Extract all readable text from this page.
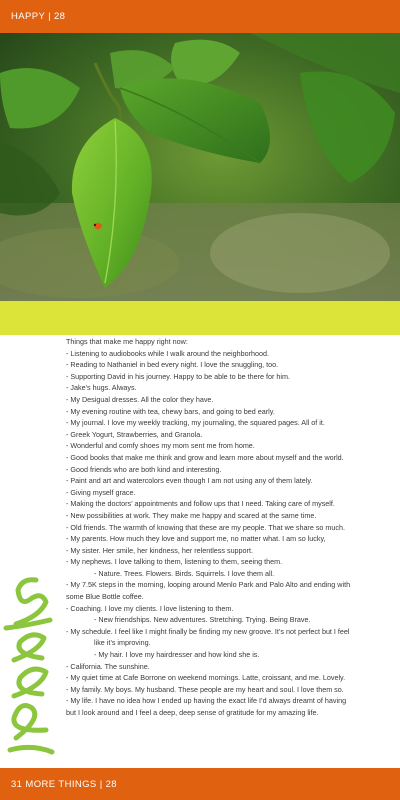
HAPPY | 28
Things that make me happy right now:
- Listening to audiobooks while I walk around the neighborhood.
- Reading to Nathaniel in bed every night. I love the snuggling, too.
- Supporting David in his journey. Happy to be able to be there for him.
- Jake’s hugs. Always.
- My Desigual dresses. All the color they have.
- My evening routine with tea, chewy bars, and going to bed early.
- My journal. I love my weekly tracking, my journaling, the squared pages. All of it.
- Greek Yogurt, Strawberries, and Granola.
- Wonderful and comfy shoes my mom sent me from home.
- Good books that make me think and grow and learn more about myself and the world.
- Good friends who are both kind and interesting.
- Paint and art and watercolors even though I am not using any of them lately.
- Giving myself grace.
- Making the doctors’ appointments and follow ups that I need. Taking care of myself.
- New possibilities at work. They make me happy and scared at the same time.
- Old friends. The warmth of knowing that these are my people. That we share so much.
- My parents. How much they love and support me, no matter what. I am so lucky,
- My sister. Her smile, her kindness, her relentless support.
- My nephews. I love talking to them, listening to them, seeing them.
- Nature. Trees. Flowers. Birds. Squirrels. I love them all.
- My 7.5K steps in the morning, looping around Menlo Park and Palo Alto and ending with
some Blue Bottle coffee.
- Coaching. I love my clients. I love listening to them.
- New friendships. New adventures. Stretching. Trying. Being Brave.
- My schedule. I feel like I might finally be finding my new groove. It’s not perfect but I feel
like it’s improving.
- My hair. I love my hairdresser and how kind she is.
- California. The sunshine.
- My quiet time at Cafe Borrone on weekend mornings. Latte, croissant, and me. Lovely.
- My family. My boys. My husband. These people are my heart and soul. I love them so.
- My life. I have no idea how I ended up having the exact life I’d always dreamt of having
but I look around and I feel a deep, deep sense of gratitude for my amazing life.
31 MORE THINGS | 28
